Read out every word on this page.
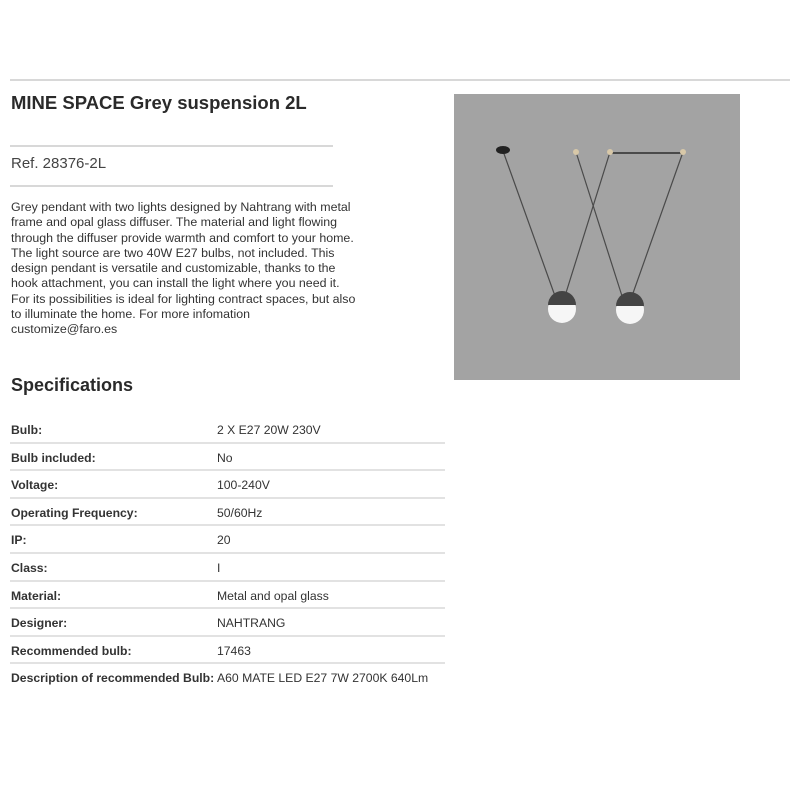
MINE SPACE Grey suspension 2L
Ref. 28376-2L
Grey pendant with two lights designed by Nahtrang with metal frame and opal glass diffuser. The material and light flowing through the diffuser provide warmth and comfort to your home. The light source are two 40W E27 bulbs, not included. This design pendant is versatile and customizable, thanks to the hook attachment, you can install the light where you need it. For its possibilities is ideal for lighting contract spaces, but also to illuminate the home. For more infomation customize@faro.es
Specifications
Bulb:	2 X E27 20W 230V
Bulb included:	No
Voltage:	100-240V
Operating Frequency:	50/60Hz
IP:	20
Class:	I
Material:	Metal and opal glass
Designer:	NAHTRANG
Recommended bulb:	17463
Description of recommended Bulb: A60 MATE LED E27 7W 2700K 640Lm
